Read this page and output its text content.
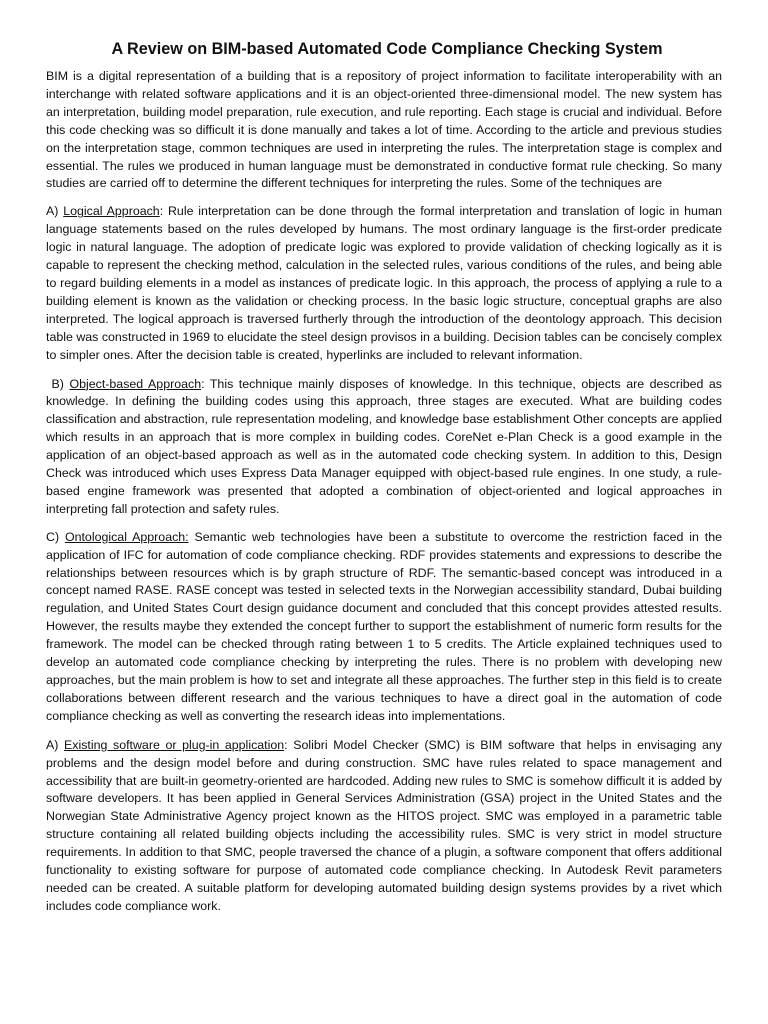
A Review on BIM-based Automated Code Compliance Checking System

BIM is a digital representation of a building that is a repository of project information to facilitate interoperability with an interchange with related software applications and it is an object-oriented three-dimensional model. The new system has an interpretation, building model preparation, rule execution, and rule reporting. Each stage is crucial and individual. Before this code checking was so difficult it is done manually and takes a lot of time. According to the article and previous studies on the interpretation stage, common techniques are used in interpreting the rules. The interpretation stage is complex and essential. The rules we produced in human language must be demonstrated in conductive format rule checking. So many studies are carried off to determine the different techniques for interpreting the rules. Some of the techniques are

A) Logical Approach: Rule interpretation can be done through the formal interpretation and translation of logic in human language statements based on the rules developed by humans. The most ordinary language is the first-order predicate logic in natural language. The adoption of predicate logic was explored to provide validation of checking logically as it is capable to represent the checking method, calculation in the selected rules, various conditions of the rules, and being able to regard building elements in a model as instances of predicate logic. In this approach, the process of applying a rule to a building element is known as the validation or checking process. In the basic logic structure, conceptual graphs are also interpreted. The logical approach is traversed furtherly through the introduction of the deontology approach. This decision table was constructed in 1969 to elucidate the steel design provisos in a building. Decision tables can be concisely complex to simpler ones. After the decision table is created, hyperlinks are included to relevant information.

B) Object-based Approach: This technique mainly disposes of knowledge. In this technique, objects are described as knowledge. In defining the building codes using this approach, three stages are executed. What are building codes classification and abstraction, rule representation modeling, and knowledge base establishment Other concepts are applied which results in an approach that is more complex in building codes. CoreNet e-Plan Check is a good example in the application of an object-based approach as well as in the automated code checking system. In addition to this, Design Check was introduced which uses Express Data Manager equipped with object-based rule engines. In one study, a rule-based engine framework was presented that adopted a combination of object-oriented and logical approaches in interpreting fall protection and safety rules.

C) Ontological Approach: Semantic web technologies have been a substitute to overcome the restriction faced in the application of IFC for automation of code compliance checking. RDF provides statements and expressions to describe the relationships between resources which is by graph structure of RDF. The semantic-based concept was introduced in a concept named RASE. RASE concept was tested in selected texts in the Norwegian accessibility standard, Dubai building regulation, and United States Court design guidance document and concluded that this concept provides attested results. However, the results maybe they extended the concept further to support the establishment of numeric form results for the framework. The model can be checked through rating between 1 to 5 credits. The Article explained techniques used to develop an automated code compliance checking by interpreting the rules. There is no problem with developing new approaches, but the main problem is how to set and integrate all these approaches. The further step in this field is to create collaborations between different research and the various techniques to have a direct goal in the automation of code compliance checking as well as converting the research ideas into implementations.

A) Existing software or plug-in application: Solibri Model Checker (SMC) is BIM software that helps in envisaging any problems and the design model before and during construction. SMC have rules related to space management and accessibility that are built-in geometry-oriented are hardcoded. Adding new rules to SMC is somehow difficult it is added by software developers. It has been applied in General Services Administration (GSA) project in the United States and the Norwegian State Administrative Agency project known as the HITOS project. SMC was employed in a parametric table structure containing all related building objects including the accessibility rules. SMC is very strict in model structure requirements. In addition to that SMC, people traversed the chance of a plugin, a software component that offers additional functionality to existing software for purpose of automated code compliance checking. In Autodesk Revit parameters needed can be created. A suitable platform for developing automated building design systems provides by a rivet which includes code compliance work.
